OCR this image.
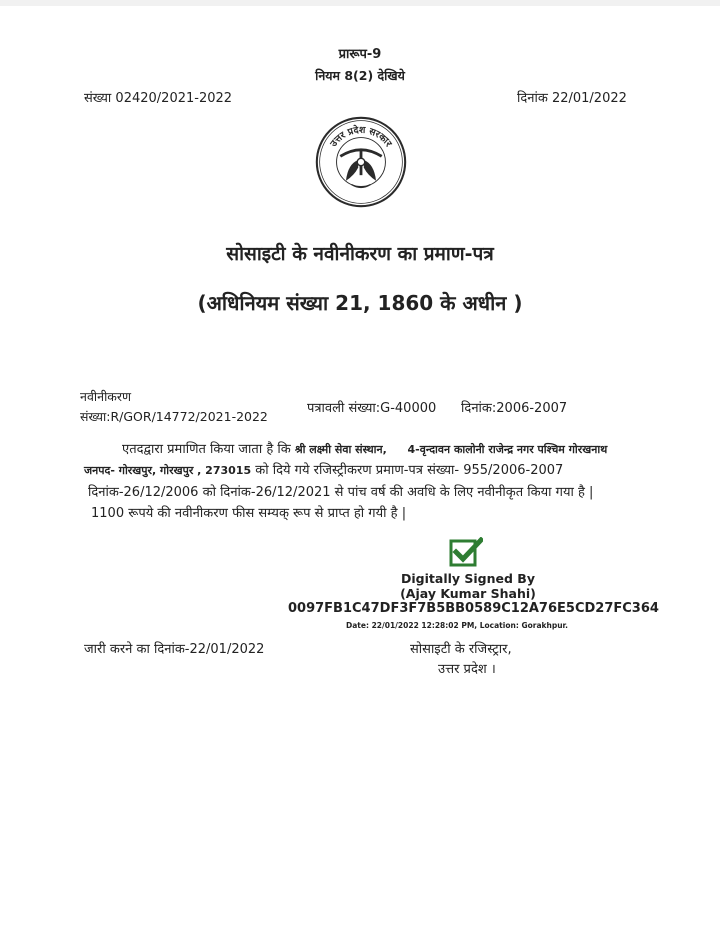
प्रारूप-9
नियम 8(2) देखिये
संख्या 02420/2021-2022	दिनांक 22/01/2022
उत्तर प्रदेश सरकार
सोसाइटी के नवीनीकरण का प्रमाण-पत्र
(अधिनियम संख्या 21, 1860 के अधीन )
नवीनीकरण
संख्या:R/GOR/14772/2021-2022
पत्रावली संख्या:G-40000      दिनांक:2006-2007
एतदद्वारा प्रमाणित किया जाता है कि श्री लक्ष्मी सेवा संस्थान, 4-वृन्दावन कालोनी राजेन्द्र नगर पश्चिम गोरखनाथ
जनपद- गोरखपुर, गोरखपुर , 273015 को दिये गये रजिस्ट्रीकरण प्रमाण-पत्र संख्या- 955/2006-2007
दिनांक-26/12/2006 को दिनांक-26/12/2021 से पांच वर्ष की अवधि के लिए नवीनीकृत किया गया है |
1100 रूपये की नवीनीकरण फीस सम्यक् रूप से प्राप्त हो गयी है |
Digitally Signed By
(Ajay Kumar Shahi)
0097FB1C47DF3F7B5BB0589C12A76E5CD27FC364
Date: 22/01/2022 12:28:02 PM, Location: Gorakhpur.
जारी करने का दिनांक-22/01/2022	सोसाइटी के रजिस्ट्रार,
उत्तर प्रदेश ।
